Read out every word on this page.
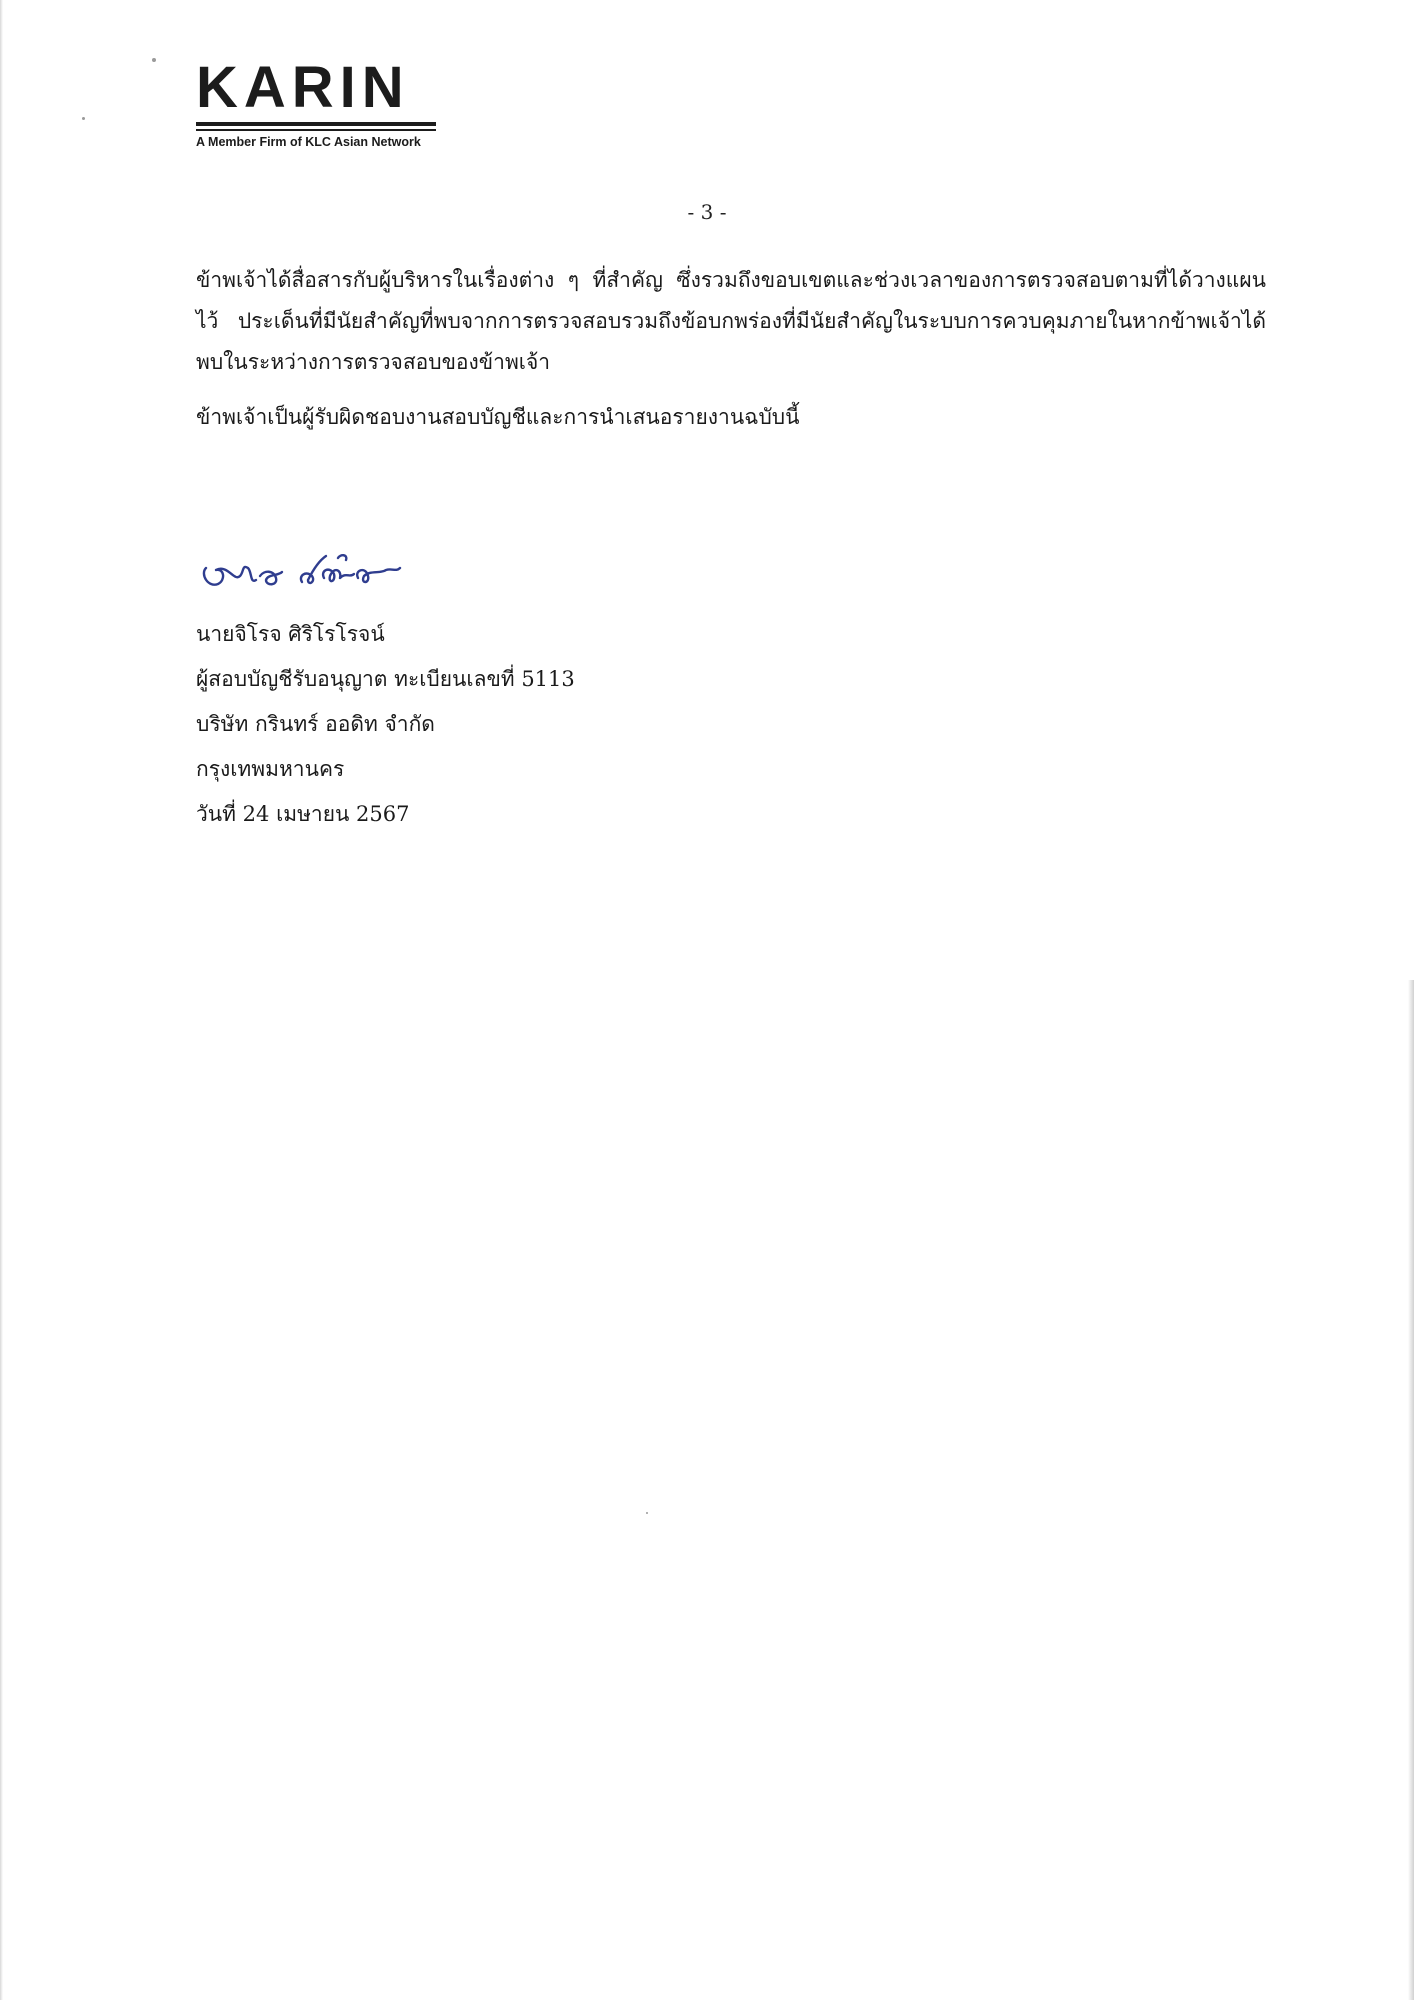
KARIN
A Member Firm of KLC Asian Network
- 3 -

ข้าพเจ้าได้สื่อสารกับผู้บริหารในเรื่องต่าง ๆ ที่สำคัญ ซึ่งรวมถึงขอบเขตและช่วงเวลาของการตรวจสอบตามที่ได้วางแผนไว้ ประเด็นที่มีนัยสำคัญที่พบจากการตรวจสอบรวมถึงข้อบกพร่องที่มีนัยสำคัญในระบบการควบคุมภายในหากข้าพเจ้าได้พบในระหว่างการตรวจสอบของข้าพเจ้า

ข้าพเจ้าเป็นผู้รับผิดชอบงานสอบบัญชีและการนำเสนอรายงานฉบับนี้

นายจิโรจ ศิริโรโรจน์
ผู้สอบบัญชีรับอนุญาต ทะเบียนเลขที่ 5113
บริษัท กรินทร์ ออดิท จำกัด
กรุงเทพมหานคร
วันที่ 24 เมษายน 2567
